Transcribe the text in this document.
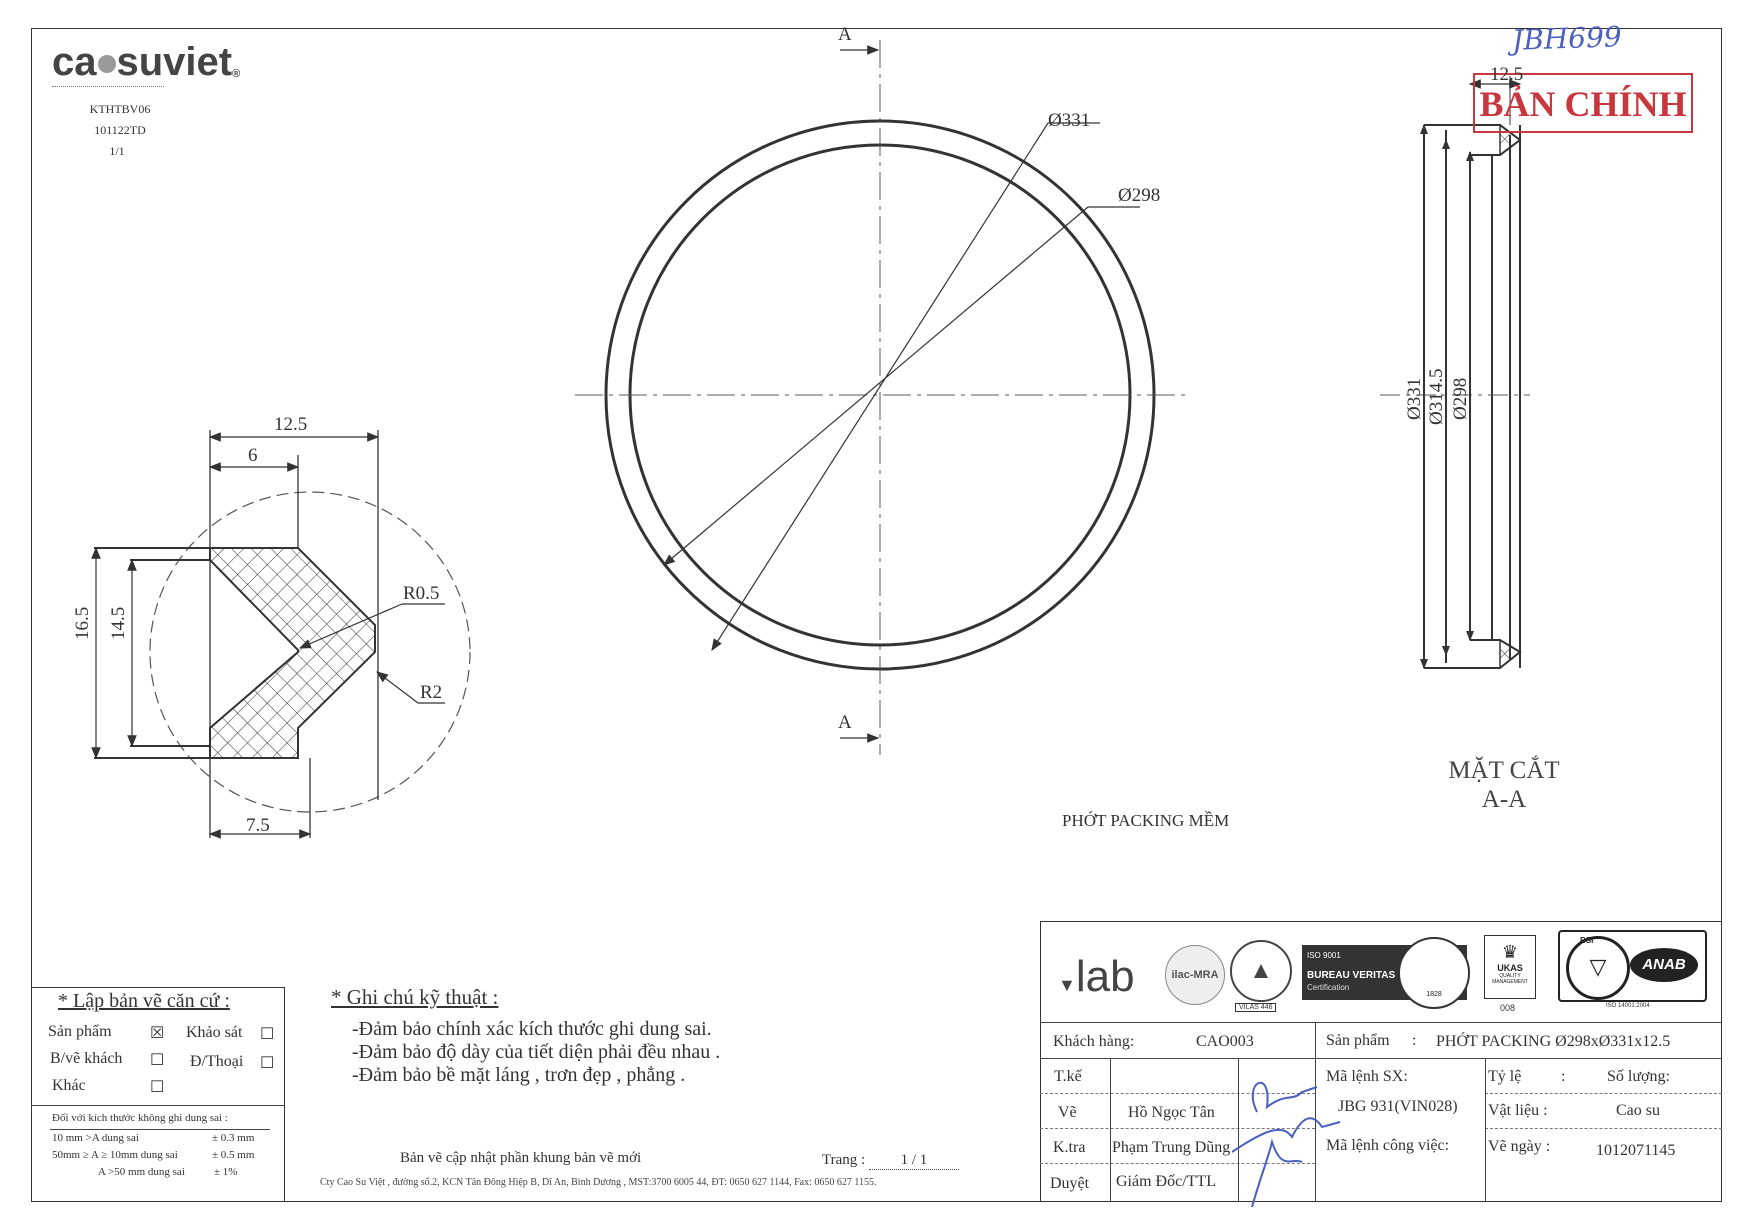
ca suviet®
KTHTBV06
101122TD
1/1
JBH699
BẢN CHÍNH
A
A
Ø331
Ø298
PHỚT PACKING MỀM
12.5
6
7.5
16.5 14.5
R0.5
R2
12.5
Ø331 Ø314.5 Ø298
MẶT CẮT
A-A
* Lập bản vẽ căn cứ :
Sản phẩm ☒ Khảo sát ☐
B/vẽ khách ☐ Đ/Thoại ☐
Khác	☐
Đối với kích thước không ghi dung sai :
10 mm >A dung sai	± 0.3 mm
50mm ≥ A ≥ 10mm dung sai	± 0.5 mm
A >50 mm dung sai	± 1%
* Ghi chú kỹ thuật :
-Đảm bảo chính xác kích thước ghi dung sai.
-Đảm bảo độ dày của tiết diện phải đều nhau .
-Đảm bảo bề mặt láng , trơn đẹp , phẳng .
Bản vẽ cập nhật phần khung bản vẽ mới	Trang : 1 / 1
Cty Cao Su Việt , đường số.2, KCN Tân Đông Hiệp B, Dĩ An, Bình Dương , MST:3700 6005 44, ĐT: 0650 627 1144, Fax: 0650 627 1155.
▼lab	ilac-MRA	▲
VILAS 446
ISO 9001
BUREAU VERITAS
Certification
1828
♛
UKAS
QUALITY MANAGEMENT
008
▽
BSI
ANAB
ISO 14001:2004
Khách hàng:	CAO003	Sản phẩm : PHỚT PACKING Ø298xØ331x12.5
T.kế
Vẽ	Hồ Ngọc Tân
K.tra Phạm Trung Dũng
Duyệt Giám Đốc/TTL
Mã lệnh SX:
JBG 931(VIN028)
Mã lệnh công việc:
Tỷ lệ :	Số lượng:
Vật liệu :	Cao su
Vẽ ngày :	1012071145
